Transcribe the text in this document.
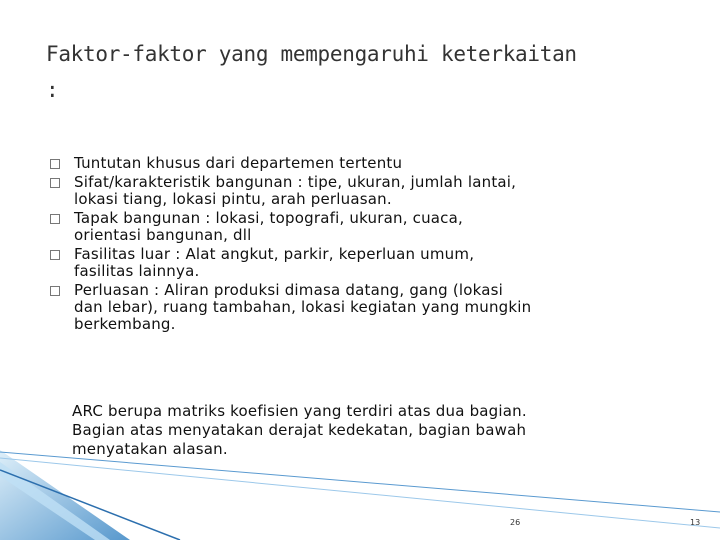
Faktor-faktor yang mempengaruhi keterkaitan
:
Tuntutan khusus dari departemen tertentu
Sifat/karakteristik bangunan : tipe, ukuran, jumlah lantai,
lokasi tiang, lokasi pintu, arah perluasan.
Tapak bangunan : lokasi, topografi, ukuran, cuaca,
orientasi bangunan, dll
Fasilitas luar : Alat angkut, parkir, keperluan umum,
fasilitas lainnya.
Perluasan : Aliran produksi dimasa datang, gang (lokasi
dan lebar), ruang tambahan, lokasi kegiatan yang mungkin
berkembang.
ARC berupa matriks koefisien yang terdiri atas dua bagian.
Bagian atas menyatakan derajat kedekatan, bagian bawah
menyatakan alasan.
26	13
